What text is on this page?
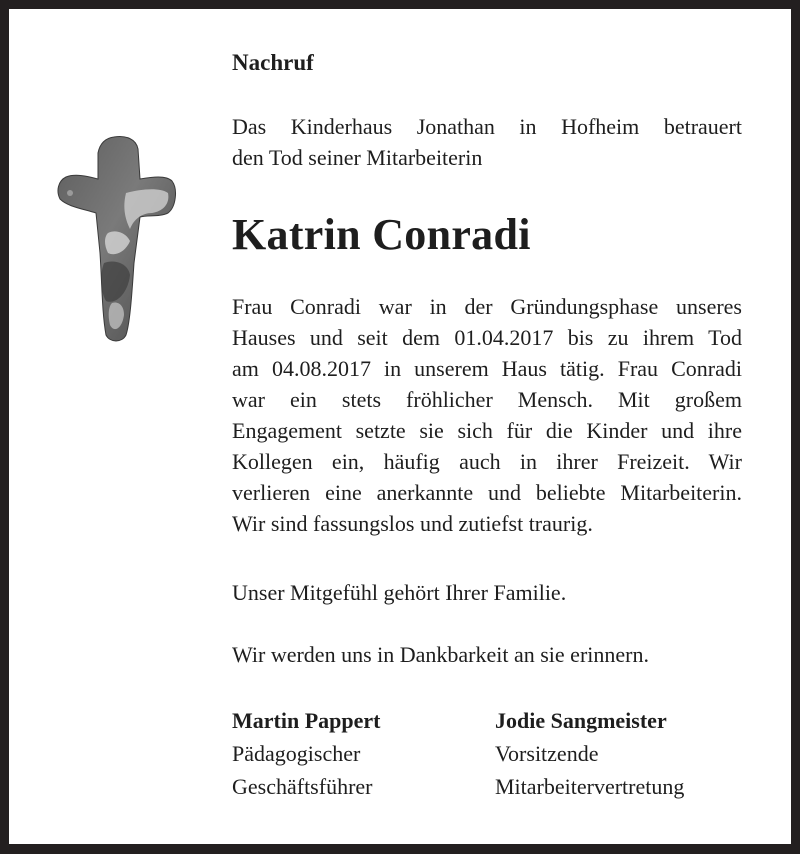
Nachruf
Das Kinderhaus Jonathan in Hofheim betrauert
den Tod seiner Mitarbeiterin
Katrin Conradi
Frau Conradi war in der Gründungsphase unseres
Hauses und seit dem 01.04.2017 bis zu ihrem Tod
am 04.08.2017 in unserem Haus tätig. Frau Conradi
war ein stets fröhlicher Mensch. Mit großem
Engagement setzte sie sich für die Kinder und ihre
Kollegen ein, häufig auch in ihrer Freizeit. Wir
verlieren eine anerkannte und beliebte Mitarbeiterin.
Wir sind fassungslos und zutiefst traurig.
Unser Mitgefühl gehört Ihrer Familie.
Wir werden uns in Dankbarkeit an sie erinnern.
Martin Pappert
Pädagogischer
Geschäftsführer
Jodie Sangmeister
Vorsitzende
Mitarbeitervertretung
